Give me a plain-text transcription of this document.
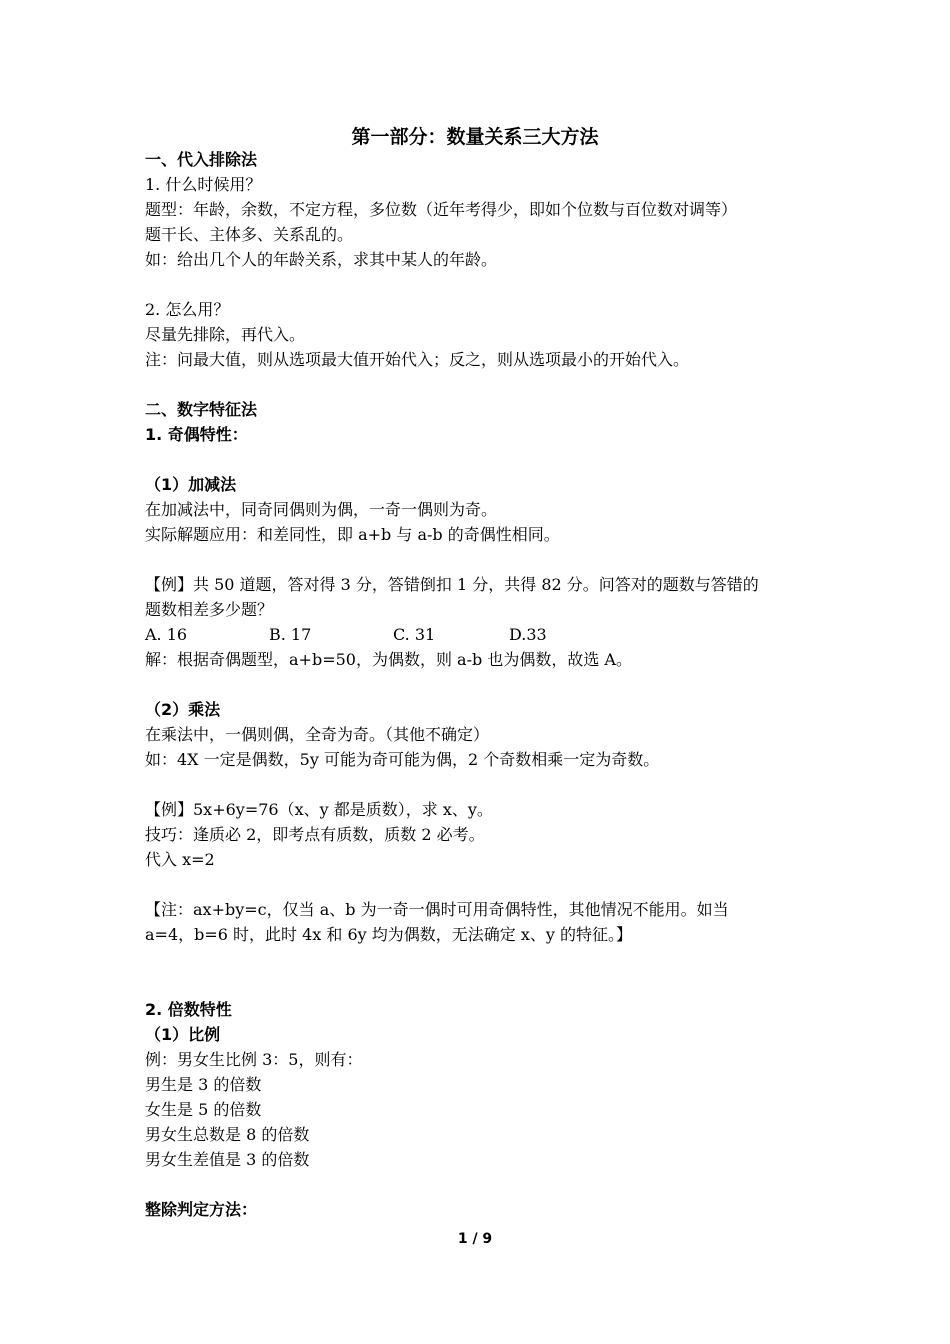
第一部分：数量关系三大方法
一、代入排除法
1. 什么时候用？
题型：年龄，余数，不定方程，多位数（近年考得少，即如个位数与百位数对调等）
题干长、主体多、关系乱的。
如：给出几个人的年龄关系，求其中某人的年龄。
2. 怎么用？
尽量先排除，再代入。
注：问最大值，则从选项最大值开始代入；反之，则从选项最小的开始代入。
二、数字特征法
1. 奇偶特性：
（1）加减法
在加减法中，同奇同偶则为偶，一奇一偶则为奇。
实际解题应用：和差同性，即 a+b 与 a-b 的奇偶性相同。
【例】共 50 道题，答对得 3 分，答错倒扣 1 分，共得 82 分。问答对的题数与答错的
题数相差多少题？
A. 16	B. 17	C. 31	D.33
解：根据奇偶题型，a+b=50，为偶数，则 a-b 也为偶数，故选 A。
（2）乘法
在乘法中，一偶则偶，全奇为奇。（其他不确定）
如：4X 一定是偶数，5y 可能为奇可能为偶，2 个奇数相乘一定为奇数。
【例】5x+6y=76（x、y 都是质数），求 x、y。
技巧：逢质必 2，即考点有质数，质数 2 必考。
代入 x=2
【注：ax+by=c，仅当 a、b 为一奇一偶时可用奇偶特性，其他情况不能用。如当
a=4，b=6 时，此时 4x 和 6y 均为偶数，无法确定 x、y 的特征。】
2. 倍数特性
（1）比例
例：男女生比例 3：5，则有：
男生是 3 的倍数
女生是 5 的倍数
男女生总数是 8 的倍数
男女生差值是 3 的倍数
整除判定方法：
1 / 9
